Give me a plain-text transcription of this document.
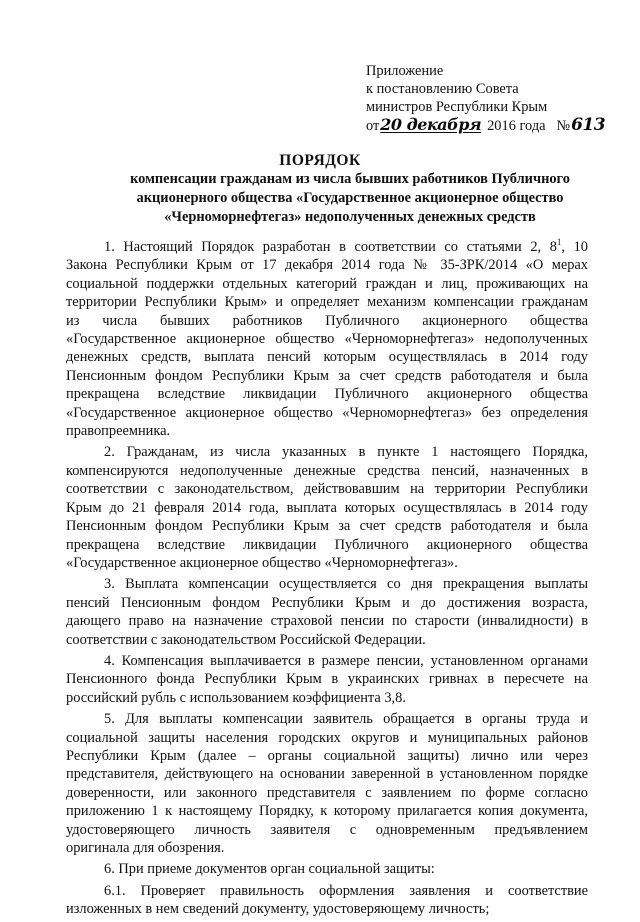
Приложение
к постановлению Совета
министров Республики Крым
от20 декабря 2016 года №613
ПОРЯДОК
компенсации гражданам из числа бывших работников Публичного
акционерного общества «Государственное акционерное общество
«Черноморнефтегаз» недополученных денежных средств
1. Настоящий Порядок разработан в соответствии со статьями 2, $8^1$, 10
Закона Республики Крым от 17 декабря 2014 года № 35-ЗРК/2014 «О мерах
социальной поддержки отдельных категорий граждан и лиц, проживающих на
территории Республики Крым» и определяет механизм компенсации гражданам
из числа бывших работников Публичного акционерного общества
«Государственное акционерное общество «Черноморнефтегаз» недополученных
денежных средств, выплата пенсий которым осуществлялась в 2014 году
Пенсионным фондом Республики Крым за счет средств работодателя и была
прекращена вследствие ликвидации Публичного акционерного общества
«Государственное акционерное общество «Черноморнефтегаз» без определения
правопреемника.
2. Гражданам, из числа указанных в пункте 1 настоящего Порядка,
компенсируются недополученные денежные средства пенсий, назначенных в
соответствии с законодательством, действовавшим на территории Республики
Крым до 21 февраля 2014 года, выплата которых осуществлялась в 2014 году
Пенсионным фондом Республики Крым за счет средств работодателя и была
прекращена вследствие ликвидации Публичного акционерного общества
«Государственное акционерное общество «Черноморнефтегаз».
3. Выплата компенсации осуществляется со дня прекращения выплаты
пенсий Пенсионным фондом Республики Крым и до достижения возраста,
дающего право на назначение страховой пенсии по старости (инвалидности) в
соответствии с законодательством Российской Федерации.
4. Компенсация выплачивается в размере пенсии, установленном органами
Пенсионного фонда Республики Крым в украинских гривнах в пересчете на
российский рубль с использованием коэффициента 3,8.
5. Для выплаты компенсации заявитель обращается в органы труда и
социальной защиты населения городских округов и муниципальных районов
Республики Крым (далее – органы социальной защиты) лично или через
представителя, действующего на основании заверенной в установленном порядке
доверенности, или законного представителя с заявлением по форме согласно
приложению 1 к настоящему Порядку, к которому прилагается копия документа,
удостоверяющего личность заявителя с одновременным предъявлением
оригинала для обозрения.
6. При приеме документов орган социальной защиты:
6.1. Проверяет правильность оформления заявления и соответствие
изложенных в нем сведений документу, удостоверяющему личность;
